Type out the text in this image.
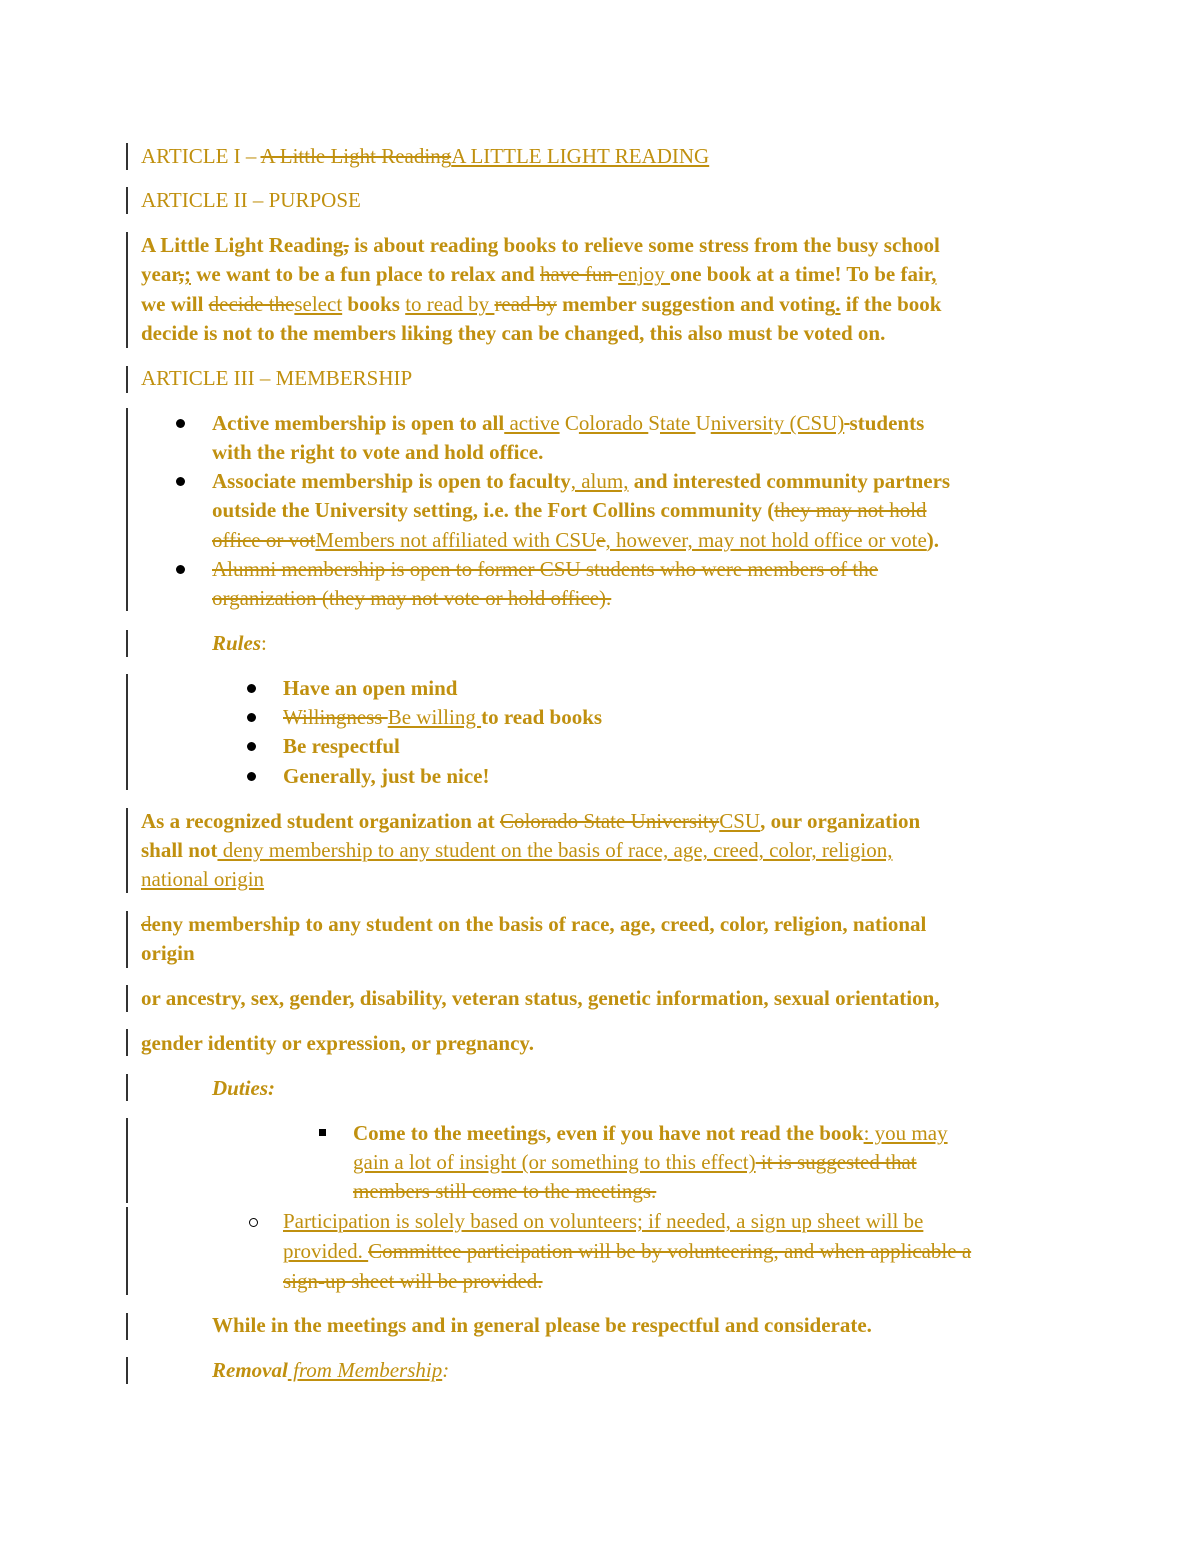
ARTICLE I – A Little Light ReadingA LITTLE LIGHT READING
ARTICLE II – PURPOSE
A Little Light Reading, is about reading books to relieve some stress from the busy school
year,; we want to be a fun place to relax and have fun enjoy one book at a time! To be fair,
we will decide theselect books to read by read by member suggestion and voting. if the book
decide is not to the members liking they can be changed, this also must be voted on.
ARTICLE III – MEMBERSHIP
Active membership is open to all active Colorado State University (CSU) students
with the right to vote and hold office.
Associate membership is open to faculty, alum, and interested community partners
outside the University setting, i.e. the Fort Collins community (they may not hold
office or votMembers not affiliated with CSUe, however, may not hold office or vote).
Alumni membership is open to former CSU students who were members of the
organization (they may not vote or hold office).
Rules:
Have an open mind
Willingness Be willing to read books
Be respectful
Generally, just be nice!
As a recognized student organization at Colorado State UniversityCSU, our organization
shall not deny membership to any student on the basis of race, age, creed, color, religion,
national origin
deny membership to any student on the basis of race, age, creed, color, religion, national
origin
or ancestry, sex, gender, disability, veteran status, genetic information, sexual orientation,
gender identity or expression, or pregnancy.
Duties:
Come to the meetings, even if you have not read the book: you may
gain a lot of insight (or something to this effect) it is suggested that
members still come to the meetings.
Participation is solely based on volunteers; if needed, a sign up sheet will be
provided. Committee participation will be by volunteering, and when applicable a
sign-up sheet will be provided.
While in the meetings and in general please be respectful and considerate.
Removal from Membership:
